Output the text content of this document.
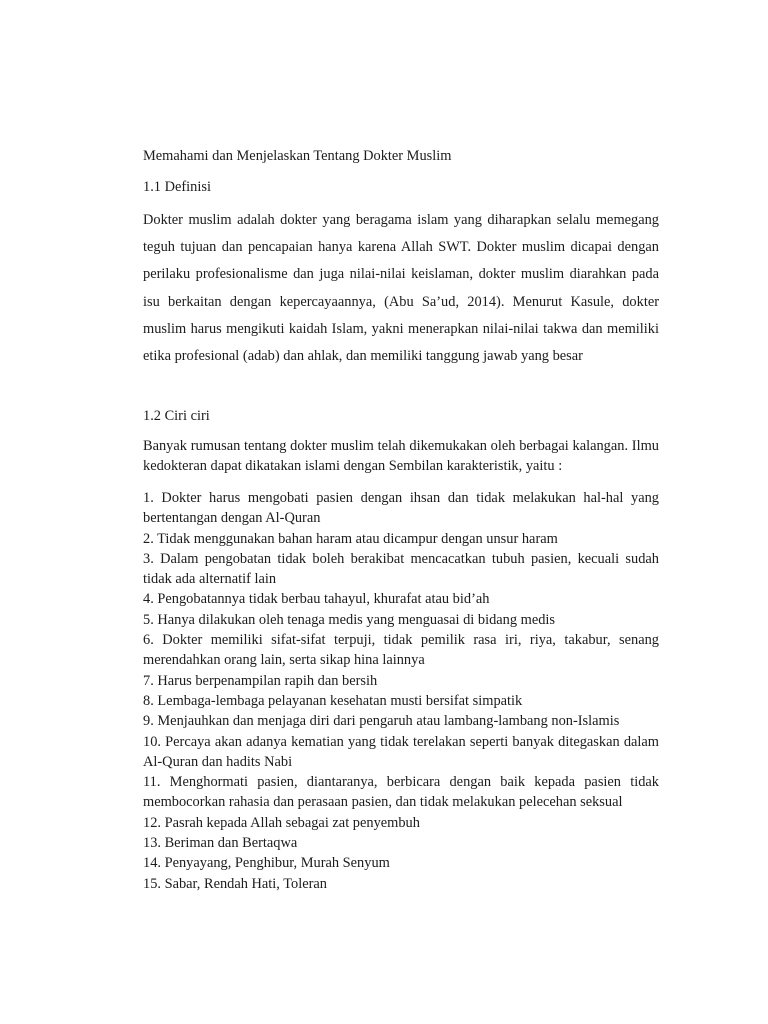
Memahami dan Menjelaskan Tentang Dokter Muslim
1.1 Definisi

Dokter muslim adalah dokter yang beragama islam yang diharapkan selalu memegang teguh tujuan dan pencapaian hanya karena Allah SWT. Dokter muslim dicapai dengan perilaku profesionalisme dan juga nilai-nilai keislaman, dokter muslim diarahkan pada isu berkaitan dengan kepercayaannya, (Abu Sa’ud, 2014). Menurut Kasule, dokter muslim harus mengikuti kaidah Islam, yakni menerapkan nilai-nilai takwa dan memiliki etika profesional (adab) dan ahlak, dan memiliki tanggung jawab yang besar

1.2 Ciri ciri

Banyak rumusan tentang dokter muslim telah dikemukakan oleh berbagai kalangan. Ilmu kedokteran dapat dikatakan islami dengan Sembilan karakteristik, yaitu :

1. Dokter harus mengobati pasien dengan ihsan dan tidak melakukan hal-hal yang bertentangan dengan Al-Quran
2. Tidak menggunakan bahan haram atau dicampur dengan unsur haram
3. Dalam pengobatan tidak boleh berakibat mencacatkan tubuh pasien, kecuali sudah tidak ada alternatif lain
4. Pengobatannya tidak berbau tahayul, khurafat atau bid’ah
5. Hanya dilakukan oleh tenaga medis yang menguasai di bidang medis
6. Dokter memiliki sifat-sifat terpuji, tidak pemilik rasa iri, riya, takabur, senang merendahkan orang lain, serta sikap hina lainnya
7. Harus berpenampilan rapih dan bersih
8. Lembaga-lembaga pelayanan kesehatan musti bersifat simpatik
9. Menjauhkan dan menjaga diri dari pengaruh atau lambang-lambang non-Islamis
10. Percaya akan adanya kematian yang tidak terelakan seperti banyak ditegaskan dalam Al-Quran dan hadits Nabi
11. Menghormati pasien, diantaranya, berbicara dengan baik kepada pasien tidak membocorkan rahasia dan perasaan pasien, dan tidak melakukan pelecehan seksual
12. Pasrah kepada Allah sebagai zat penyembuh
13. Beriman dan Bertaqwa
14. Penyayang, Penghibur, Murah Senyum
15. Sabar, Rendah Hati, Toleran
